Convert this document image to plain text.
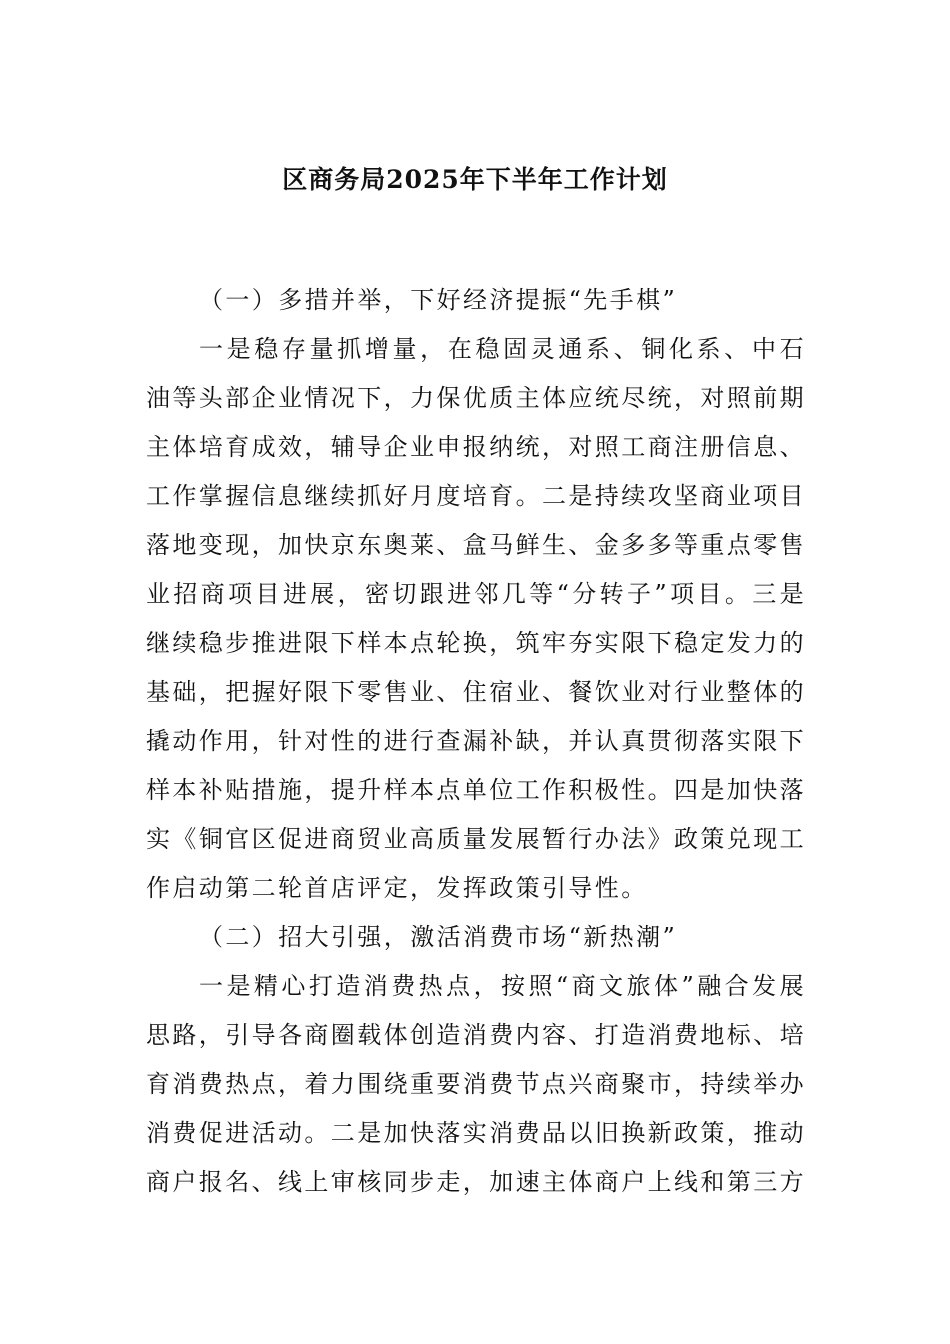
区商务局2025年下半年工作计划

（一）多措并举，下好经济提振“先手棋”

一是稳存量抓增量，在稳固灵通系、铜化系、中石油等头部企业情况下，力保优质主体应统尽统，对照前期主体培育成效，辅导企业申报纳统，对照工商注册信息、工作掌握信息继续抓好月度培育。二是持续攻坚商业项目落地变现，加快京东奥莱、盒马鲜生、金多多等重点零售业招商项目进展，密切跟进邻几等“分转子”项目。三是继续稳步推进限下样本点轮换，筑牢夯实限下稳定发力的基础，把握好限下零售业、住宿业、餐饮业对行业整体的撬动作用，针对性的进行查漏补缺，并认真贯彻落实限下样本补贴措施，提升样本点单位工作积极性。四是加快落实《铜官区促进商贸业高质量发展暂行办法》政策兑现工作启动第二轮首店评定，发挥政策引导性。

（二）招大引强，激活消费市场“新热潮”

一是精心打造消费热点，按照“商文旅体”融合发展思路，引导各商圈载体创造消费内容、打造消费地标、培育消费热点，着力围绕重要消费节点兴商聚市，持续举办消费促进活动。二是加快落实消费品以旧换新政策，推动商户报名、线上审核同步走，加速主体商户上线和第三方
